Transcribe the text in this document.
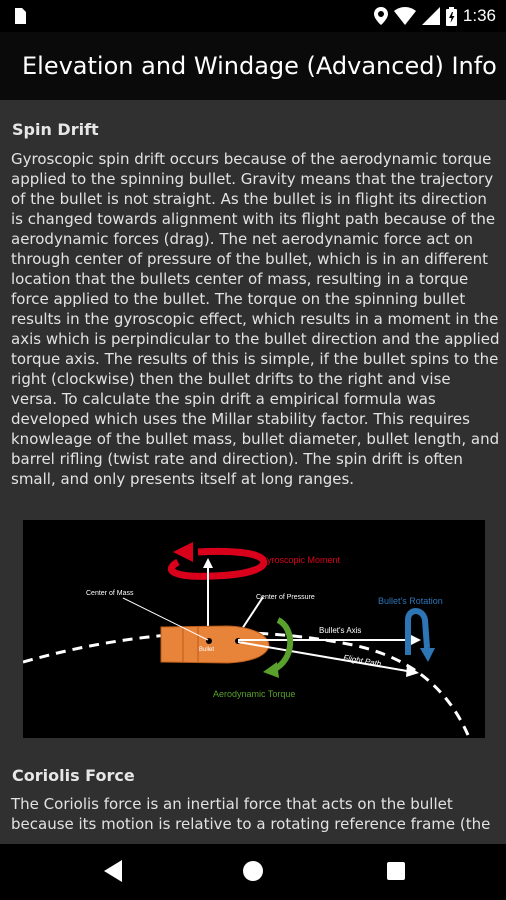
1:36
Elevation and Windage (Advanced) Info
Spin Drift
Gyroscopic spin drift occurs because of the aerodynamic torque applied to the spinning bullet. Gravity means that the trajectory of the bullet is not straight. As the bullet is in flight its direction is changed towards alignment with its flight path because of the aerodynamic forces (drag). The net aerodynamic force act on through center of pressure of the bullet, which is in an different location that the bullets center of mass, resulting in a torque force applied to the bullet. The torque on the spinning bullet results in the gyroscopic effect, which results in a moment in the axis which is perpindicular to the bullet direction and the applied torque axis. The results of this is simple, if the bullet spins to the right (clockwise) then the bullet drifts to the right and vise versa. To calculate the spin drift a empirical formula was developed which uses the Millar stability factor. This requires knowleage of the bullet mass, bullet diameter, bullet length, and barrel rifling (twist rate and direction). The spin drift is often small, and only presents itself at long ranges.
Gyroscopic Moment
Bullet
Center of Mass
Center of Pressure
Bullet's Axis
Flight Path
Aerodynamic Torque
Bullet's Rotation
Coriolis Force
The Coriolis force is an inertial force that acts on the bullet because its motion is relative to a rotating reference frame (the
